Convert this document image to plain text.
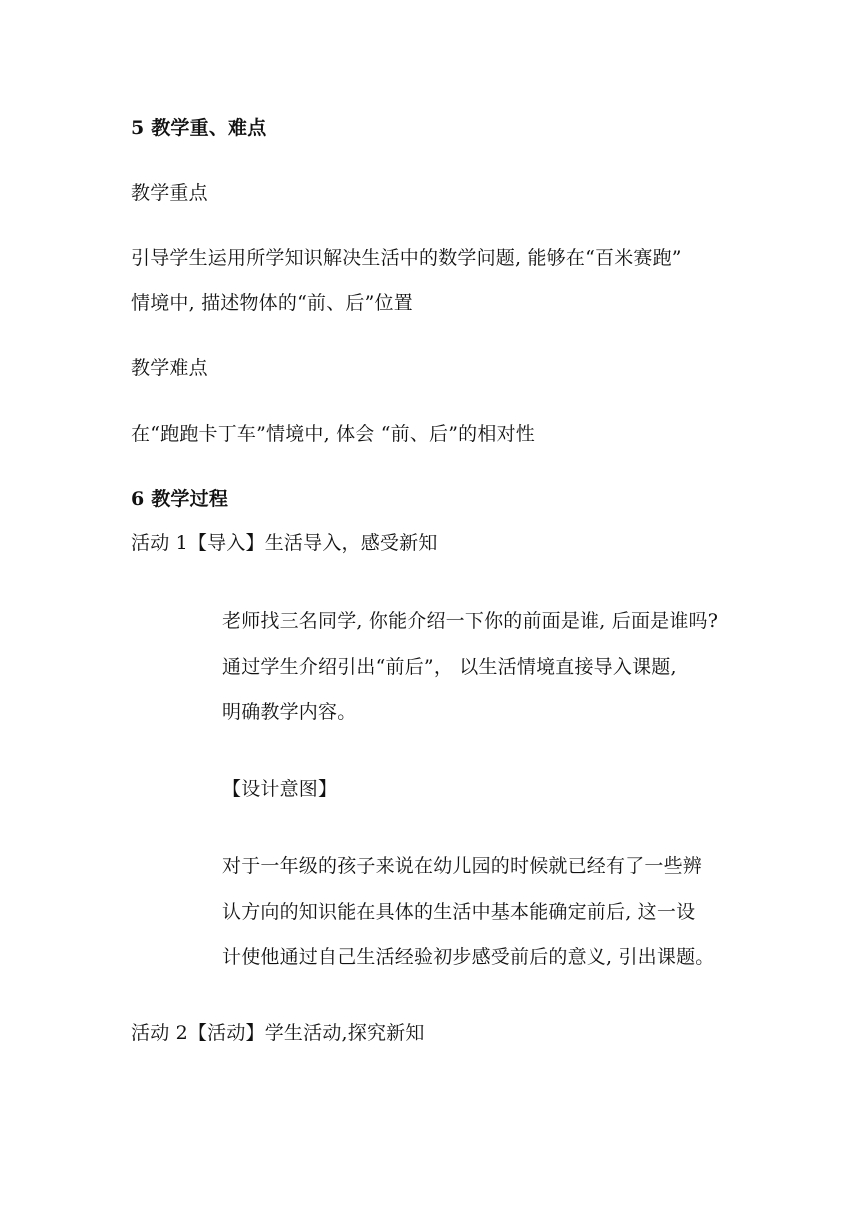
5 教学重、难点
教学重点
引导学生运用所学知识解决生活中的数学问题, 能够在“百米赛跑”
情境中, 描述物体的“前、后”位置
教学难点
在“跑跑卡丁车”情境中, 体会 “前、后”的相对性
6 教学过程
活动 1【导入】生活导入，感受新知
老师找三名同学, 你能介绍一下你的前面是谁, 后面是谁吗?
通过学生介绍引出“前后”， 以生活情境直接导入课题,
明确教学内容。
【设计意图】
对于一年级的孩子来说在幼儿园的时候就已经有了一些辨
认方向的知识能在具体的生活中基本能确定前后, 这一设
计使他通过自己生活经验初步感受前后的意义, 引出课题。
活动 2【活动】学生活动,探究新知
